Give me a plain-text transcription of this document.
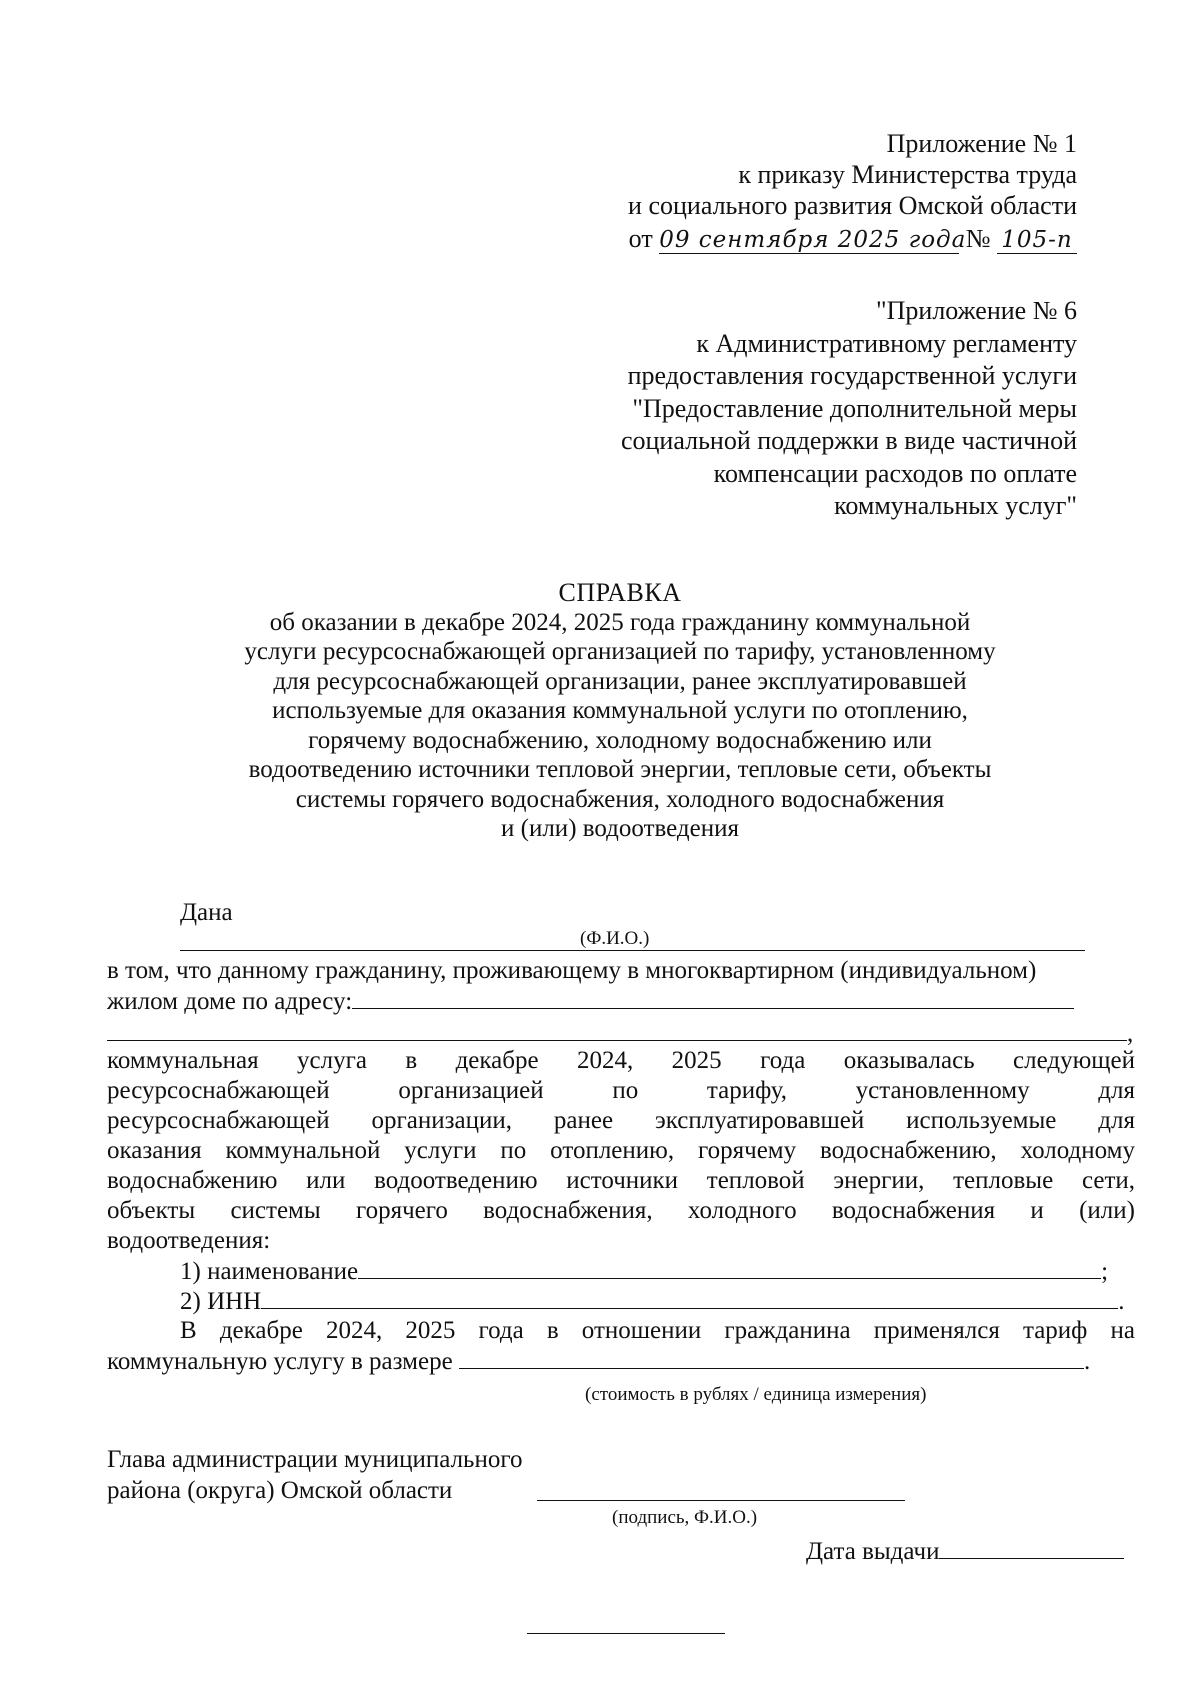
Приложение № 1
к приказу Министерства труда
и социального развития Омской области
от 09 сентября 2025 года № 105-п
"Приложение № 6
к Административному регламенту
предоставления государственной услуги
"Предоставление дополнительной меры
социальной поддержки в виде частичной
компенсации расходов по оплате
коммунальных услуг"
СПРАВКА
об оказании в декабре 2024, 2025 года гражданину коммунальной
услуги ресурсоснабжающей организацией по тарифу, установленному
для ресурсоснабжающей организации, ранее эксплуатировавшей
используемые для оказания коммунальной услуги по отоплению,
горячему водоснабжению, холодному водоснабжению или
водоотведению источники тепловой энергии, тепловые сети, объекты
системы горячего водоснабжения, холодного водоснабжения
и (или) водоотведения
Дана
(Ф.И.О.)
в том, что данному гражданину, проживающему в многоквартирном (индивидуальном)
жилом доме по адресу:
,
коммунальная услуга в декабре 2024, 2025 года оказывалась следующей
ресурсоснабжающей организацией по тарифу, установленному для
ресурсоснабжающей организации, ранее эксплуатировавшей используемые для
оказания коммунальной услуги по отоплению, горячему водоснабжению, холодному
водоснабжению или водоотведению источники тепловой энергии, тепловые сети,
объекты системы горячего водоснабжения, холодного водоснабжения и (или)
водоотведения:
1) наименование	;
2) ИНН	.
В декабре 2024, 2025 года в отношении гражданина применялся тариф на
коммунальную услугу в размере	.
(стоимость в рублях / единица измерения)
Глава администрации муниципального
района (округа) Омской области
(подпись, Ф.И.О.)
Дата выдачи
